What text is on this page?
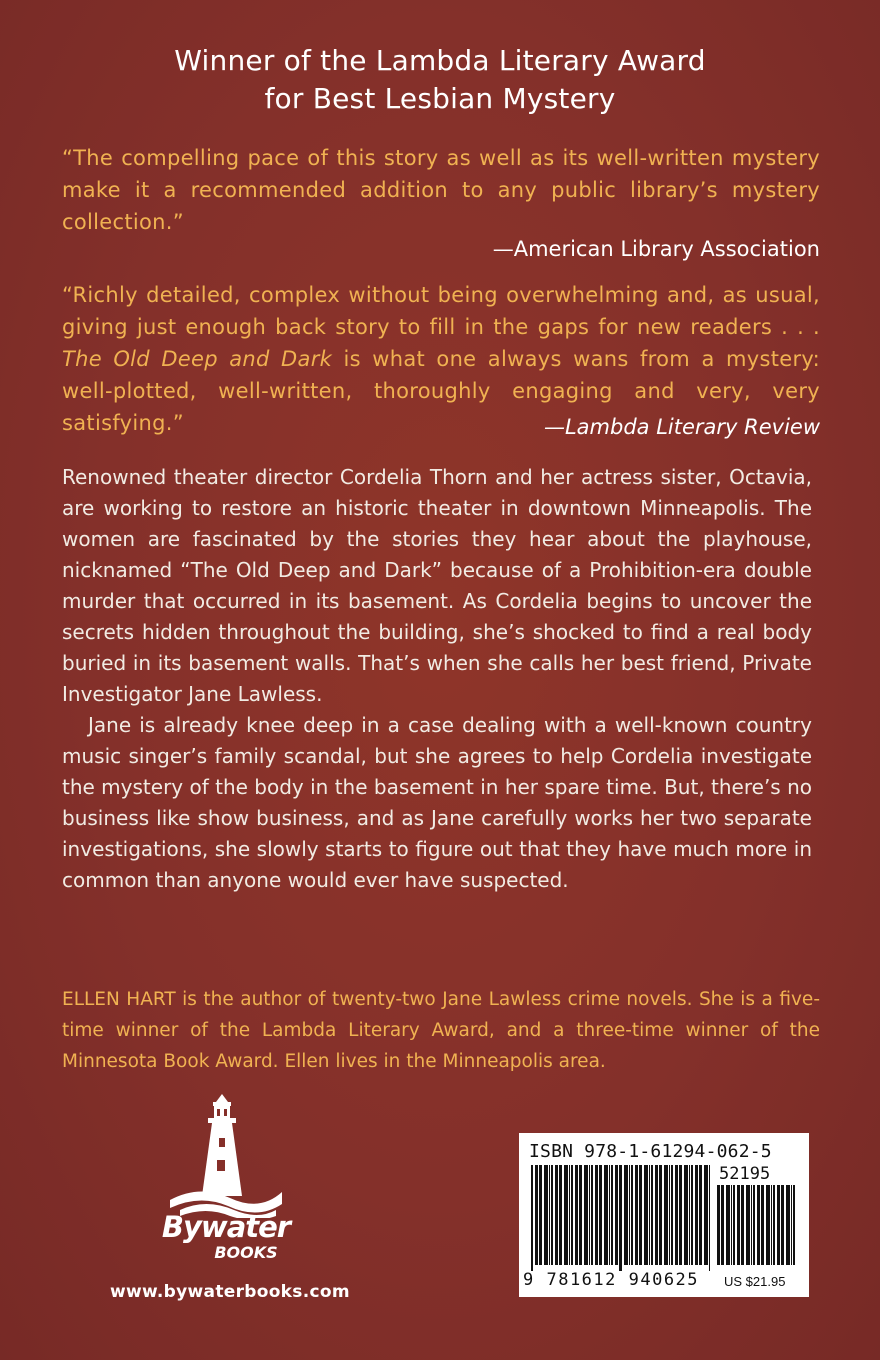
Winner of the Lambda Literary Award
for Best Lesbian Mystery
“The compelling pace of this story as well as its well-written mystery make it a recommended addition to any public library’s mystery collection.”
—American Library Association
“Richly detailed, complex without being overwhelming and, as usual, giving just enough back story to fill in the gaps for new readers . . . The Old Deep and Dark is what one always wans from a mystery: well-plotted, well-written, thoroughly engaging and very, very satisfying.”	—Lambda Literary Review

Renowned theater director Cordelia Thorn and her actress sister, Octavia, are working to restore an historic theater in downtown Minneapolis. The women are fascinated by the stories they hear about the playhouse, nicknamed “The Old Deep and Dark” because of a Prohibition-era double murder that occurred in its basement. As Cordelia begins to uncover the secrets hidden throughout the building, she’s shocked to find a real body buried in its basement walls. That’s when she calls her best friend, Private Investigator Jane Lawless.

Jane is already knee deep in a case dealing with a well-known country music singer’s family scandal, but she agrees to help Cordelia investigate the mystery of the body in the basement in her spare time. But, there’s no business like show business, and as Jane carefully works her two separate investigations, she slowly starts to figure out that they have much more in common than anyone would ever have suspected.

ELLEN HART is the author of twenty-two Jane Lawless crime novels. She is a five-time winner of the Lambda Literary Award, and a three-time winner of the Minnesota Book Award. Ellen lives in the Minneapolis area.
Bywater
BOOKS
www.bywaterbooks.com
ISBN 978-1-61294-062-5
52195
9 781612 940625 US $21.95
